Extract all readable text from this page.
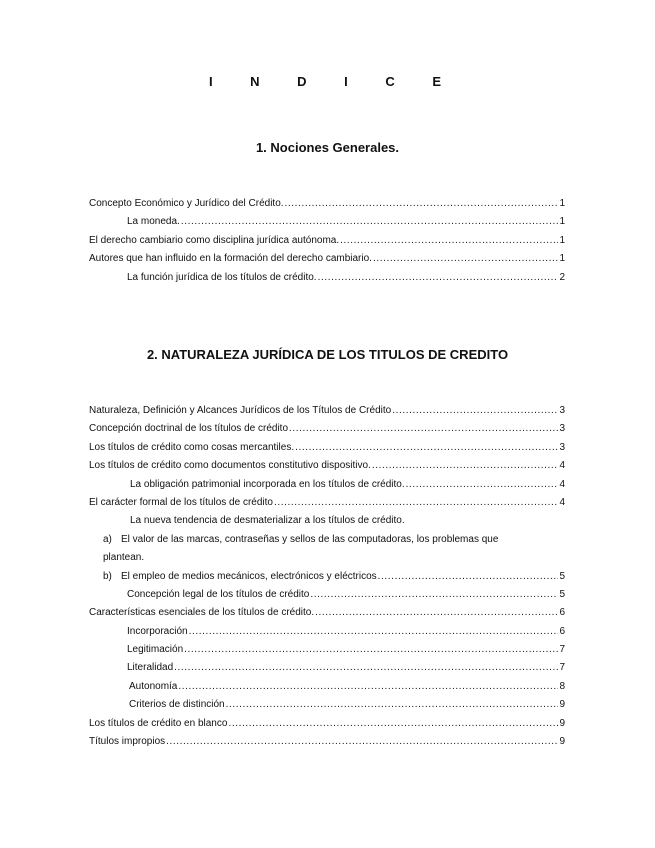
I N D I C E
1. Nociones Generales.
Concepto Económico y Jurídico del Crédito. .....	1
La moneda. .....	1
El derecho cambiario como disciplina jurídica autónoma. .....	1
Autores que han influido en la formación del derecho cambiario. .....	1
La función jurídica de los títulos de crédito. .....	2
2. NATURALEZA JURÍDICA DE LOS TITULOS DE CREDITO
Naturaleza, Definición y Alcances Jurídicos de los Títulos de Crédito .....	3
Concepción doctrinal de los títulos de crédito .....	3
Los títulos de crédito como cosas mercantiles. .....	3
Los títulos de crédito como documentos constitutivo dispositivo. .....	4
La obligación patrimonial incorporada en los títulos de crédito. .....	4
El carácter formal de los títulos de crédito .....	4
La nueva tendencia de desmaterializar a los títulos de crédito.
a) El valor de las marcas, contraseñas y sellos de las computadoras, los problemas que
plantean.
b) El empleo de medios mecánicos, electrónicos y eléctricos .....	5
Concepción legal de los títulos de crédito .....	5
Características esenciales de los títulos de crédito. .....	6
Incorporación .....	6
Legitimación .....	7
Literalidad .....	7
Autonomía .....	8
Criterios de distinción .....	9
Los títulos de crédito en blanco .....	9
Títulos impropios .....	9
